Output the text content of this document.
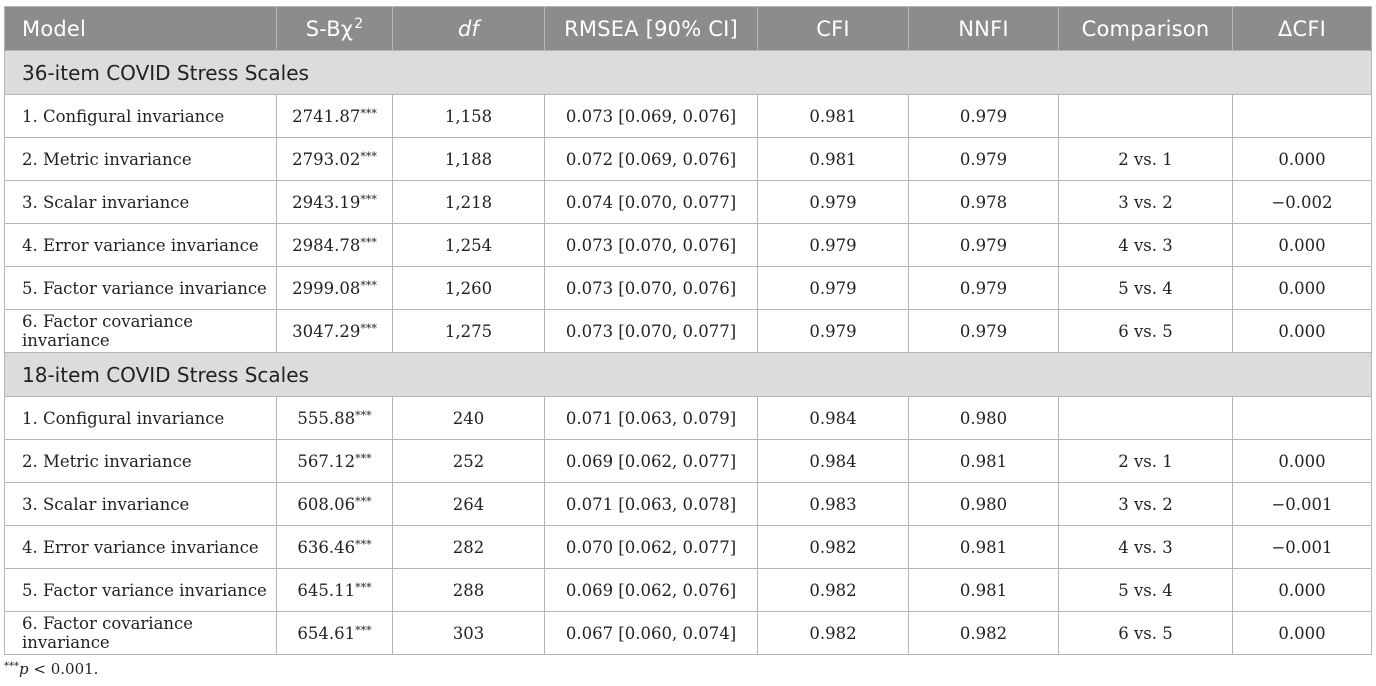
Model	$S-B\chi^2$	df	RMSEA [90% CI]	CFI	NNFI	Comparison	ΔCFI
36-item COVID Stress Scales							
1. Configural invariance	2741.87***	1,158	0.073 [0.069, 0.076]	0.981	0.979		
2. Metric invariance	2793.02***	1,188	0.072 [0.069, 0.076]	0.981	0.979	2 vs. 1	0.000
3. Scalar invariance	2943.19***	1,218	0.074 [0.070, 0.077]	0.979	0.978	3 vs. 2	−0.002
4. Error variance invariance	2984.78***	1,254	0.073 [0.070, 0.076]	0.979	0.979	4 vs. 3	0.000
5. Factor variance invariance	2999.08***	1,260	0.073 [0.070, 0.076]	0.979	0.979	5 vs. 4	0.000
6. Factor covariance invariance	3047.29***	1,275	0.073 [0.070, 0.077]	0.979	0.979	6 vs. 5	0.000
18-item COVID Stress Scales							
1. Configural invariance	555.88***	240	0.071 [0.063, 0.079]	0.984	0.980		
2. Metric invariance	567.12***	252	0.069 [0.062, 0.077]	0.984	0.981	2 vs. 1	0.000
3. Scalar invariance	608.06***	264	0.071 [0.063, 0.078]	0.983	0.980	3 vs. 2	−0.001
4. Error variance invariance	636.46***	282	0.070 [0.062, 0.077]	0.982	0.981	4 vs. 3	−0.001
5. Factor variance invariance	645.11***	288	0.069 [0.062, 0.076]	0.982	0.981	5 vs. 4	0.000
6. Factor covariance invariance	654.61***	303	0.067 [0.060, 0.074]	0.982	0.982	6 vs. 5	0.000
***p < 0.001.
